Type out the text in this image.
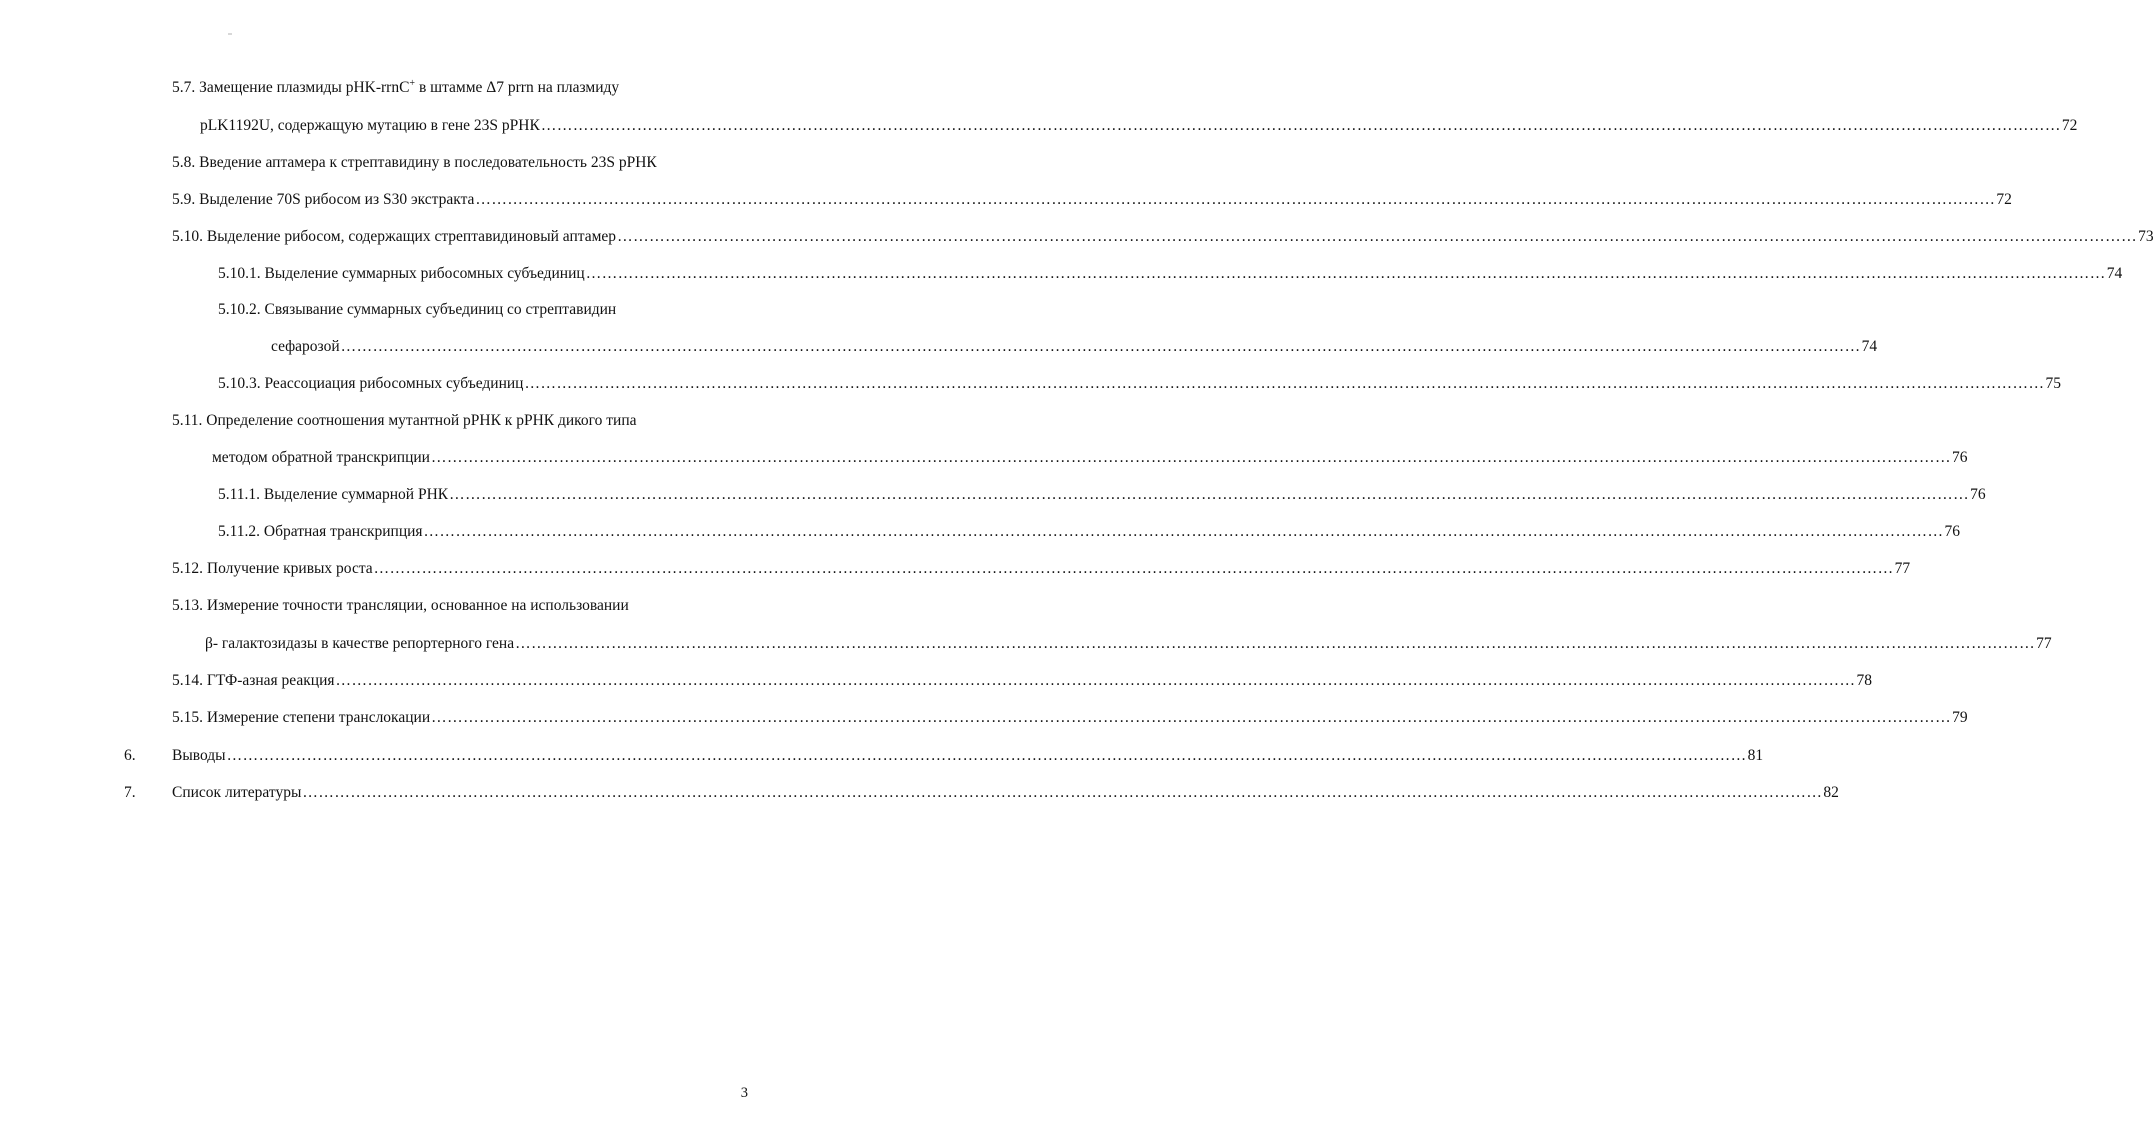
5.7. Замещение плазмиды pHK-rrnC+ в штамме Δ7 prrn на плазмиду
pLK1192U, содержащую мутацию в гене 23S рРНК …………………………………………………………………………………………………………………………………………………………………………………………………………………………………………………………… 72
5.8. Введение аптамера к стрептавидину в последовательность 23S рРНК
5.9. Выделение 70S рибосом из S30 экстракта …………………………………………………………………………………………………………………………………………………………………………………………………………………………………………………………… 72
5.10. Выделение рибосом, содержащих стрептавидиновый аптамер …………………………………………………………………………………………………………………………………………………………………………………………………………………………………………………………… 73
5.10.1. Выделение суммарных рибосомных субъединиц …………………………………………………………………………………………………………………………………………………………………………………………………………………………………………………………… 74
5.10.2. Связывание суммарных субъединиц со стрептавидин
сефарозой …………………………………………………………………………………………………………………………………………………………………………………………………………………………………………………………… 74
5.10.3. Реассоциация рибосомных субъединиц …………………………………………………………………………………………………………………………………………………………………………………………………………………………………………………………… 75
5.11. Определение соотношения мутантной рРНК к рРНК дикого типа
методом обратной транскрипции …………………………………………………………………………………………………………………………………………………………………………………………………………………………………………………………… 76
5.11.1. Выделение суммарной РНК …………………………………………………………………………………………………………………………………………………………………………………………………………………………………………………………… 76
5.11.2. Обратная транскрипция …………………………………………………………………………………………………………………………………………………………………………………………………………………………………………………………… 76
5.12. Получение кривых роста …………………………………………………………………………………………………………………………………………………………………………………………………………………………………………………………… 77
5.13. Измерение точности трансляции, основанное на использовании
β- галактозидазы в качестве репортерного гена …………………………………………………………………………………………………………………………………………………………………………………………………………………………………………………………… 77
5.14. ГТФ-азная реакция …………………………………………………………………………………………………………………………………………………………………………………………………………………………………………………………… 78
5.15. Измерение степени транслокации …………………………………………………………………………………………………………………………………………………………………………………………………………………………………………………………… 79
6. Выводы …………………………………………………………………………………………………………………………………………………………………………………………………………………………………………………………… 81
7. Список литературы …………………………………………………………………………………………………………………………………………………………………………………………………………………………………………………………… 82
3
